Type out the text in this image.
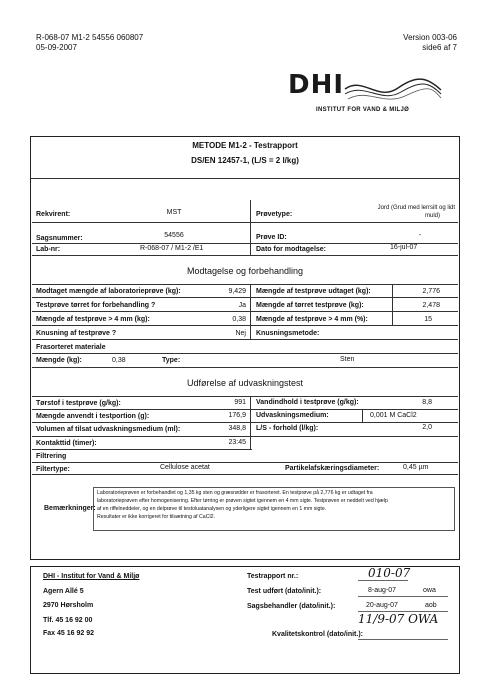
R-068-07 M1-2 54556 060807
05-09-2007
Version 003-06
side6 af 7
DHI
INSTITUT FOR VAND & MILJØ
METODE M1-2 - Testrapport
DS/EN 12457-1, (L/S = 2 l/kg)
Rekvirent:	MST	Prøvetype:
Jord (Grud med lerrsilt og lidt
muld)
Sagsnummer:	54556	Prøve ID:	-
Lab-nr:	R-068-07 / M1-2 /E1	Dato for modtagelse:	16-jul-07
Modtagelse og forbehandling
Modtaget mængde af laboratorieprøve (kg):	9,429 Mængde af testprøve udtaget (kg):	2,776
Testprøve tørret for forbehandling ?	Ja Mængde af tørret testprøve (kg):	2,478
Mængde af testprøve > 4 mm (kg):	0,38 Mængde af testprøve > 4 mm (%):	15
Knusning af testprøve ?	Nej Knusningsmetode:
Frasorteret materiale
Mængde (kg):	0,38	Type:	Sten
Udførelse af udvaskningstest
Tørstof i testprøve (g/kg):	991 Vandindhold i testprøve (g/kg):	8,8
Mængde anvendt i testportion (g):	176,9 Udvaskningsmedium:	0,001 M CaCl2
Volumen af tilsat udvaskningsmedium (ml):	348,8 L/S - forhold (l/kg):	2,0
Kontakttid (timer):	23:45
Filtrering
Filtertype:	Cellulose acetat	Partikelafskæringsdiameter:	0,45 µm
Bemærkninger:
Laboratorieprøven er forbehandlet og 1,35 kg sten og græsrødder er frasorteret. En testprøve på 2,776 kg er udtaget fra
laboratorieprøven efter homogenisering. Efter tørring er prøven sigtet igennem en 4 mm sigte. Testprøven er neddelt ved hjælp
af en riffelneddeler, og en delprøve til testoluatanalysen og yderligere sigtet igennem en 1 mm sigte.
Resultater er ikke korrigeret for tilsætning af CaCl2.
DHI - Institut for Vand & Miljø
Agern Allé 5
2970 Hørsholm
Tlf. 45 16 92 00
Fax 45 16 92 92
Testrapport nr.:	010-07
Test udført (dato/init.):	8-aug-07	owa
Sagsbehandler (dato/init.):	20-aug-07	aob
11/9-07 OWA
Kvalitetskontrol (dato/init.):
